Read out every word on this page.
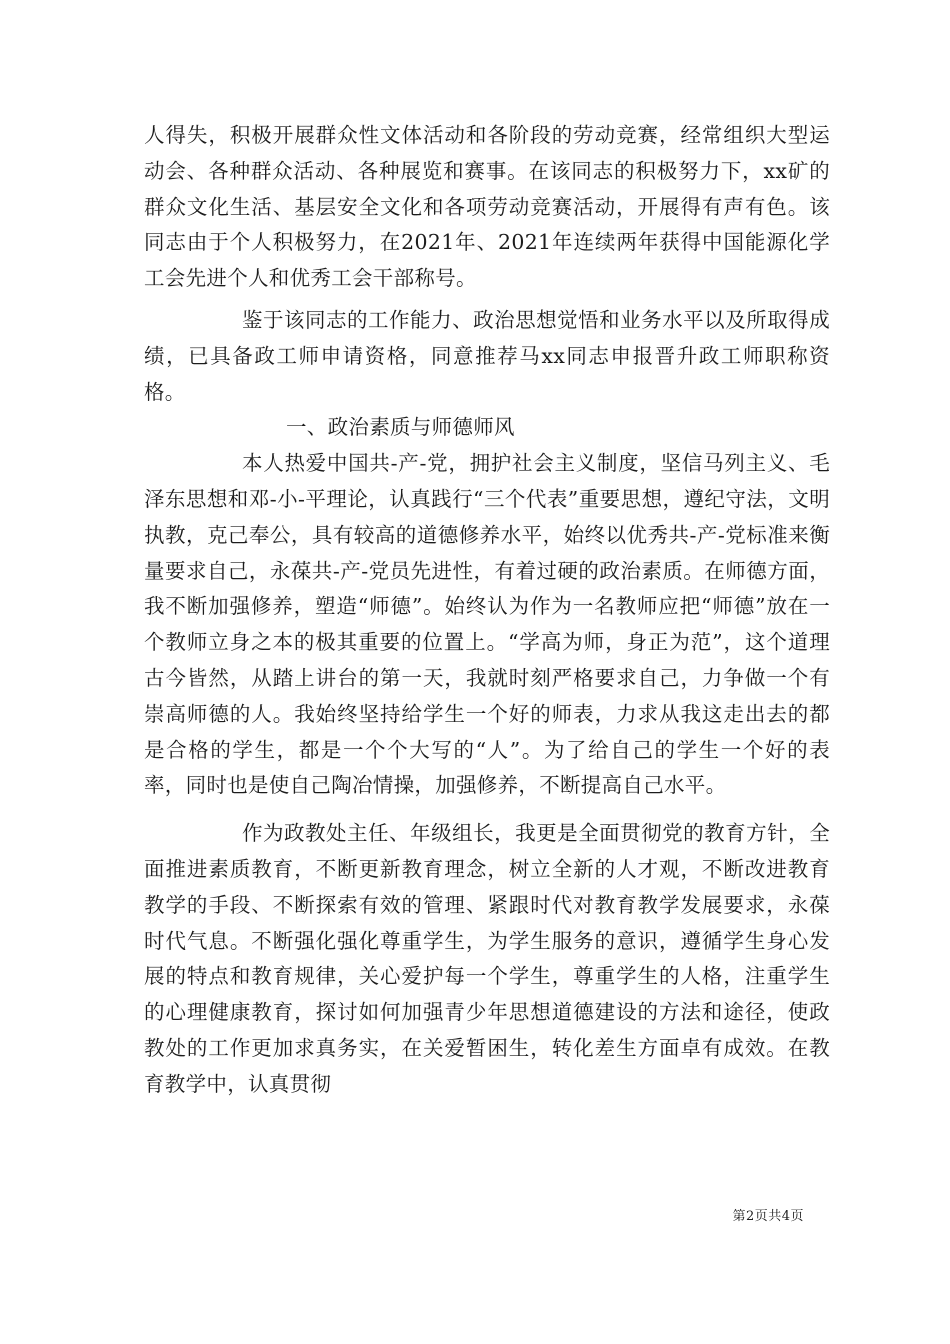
人得失，积极开展群众性文体活动和各阶段的劳动竞赛，经常组织大型运动会、各种群众活动、各种展览和赛事。在该同志的积极努力下，xx矿的群众文化生活、基层安全文化和各项劳动竞赛活动，开展得有声有色。该同志由于个人积极努力，在2021年、2021年连续两年获得中国能源化学工会先进个人和优秀工会干部称号。

鉴于该同志的工作能力、政治思想觉悟和业务水平以及所取得成绩，已具备政工师申请资格，同意推荐马xx同志申报晋升政工师职称资格。

一、政治素质与师德师风

本人热爱中国共-产-党，拥护社会主义制度，坚信马列主义、毛泽东思想和邓-小-平理论，认真践行“三个代表”重要思想，遵纪守法，文明执教，克己奉公，具有较高的道德修养水平，始终以优秀共-产-党标准来衡量要求自己，永葆共-产-党员先进性，有着过硬的政治素质。在师德方面，我不断加强修养，塑造“师德”。始终认为作为一名教师应把“师德”放在一个教师立身之本的极其重要的位置上。“学高为师，身正为范”，这个道理古今皆然，从踏上讲台的第一天，我就时刻严格要求自己，力争做一个有崇高师德的人。我始终坚持给学生一个好的师表，力求从我这走出去的都是合格的学生，都是一个个大写的“人”。为了给自己的学生一个好的表率，同时也是使自己陶冶情操，加强修养，不断提高自己水平。

作为政教处主任、年级组长，我更是全面贯彻党的教育方针，全面推进素质教育，不断更新教育理念，树立全新的人才观，不断改进教育教学的手段、不断探索有效的管理、紧跟时代对教育教学发展要求，永葆时代气息。不断强化强化尊重学生，为学生服务的意识，遵循学生身心发展的特点和教育规律，关心爱护每一个学生，尊重学生的人格，注重学生的心理健康教育，探讨如何加强青少年思想道德建设的方法和途径，使政教处的工作更加求真务实，在关爱暂困生，转化差生方面卓有成效。在教育教学中，认真贯彻

第2页共4页
